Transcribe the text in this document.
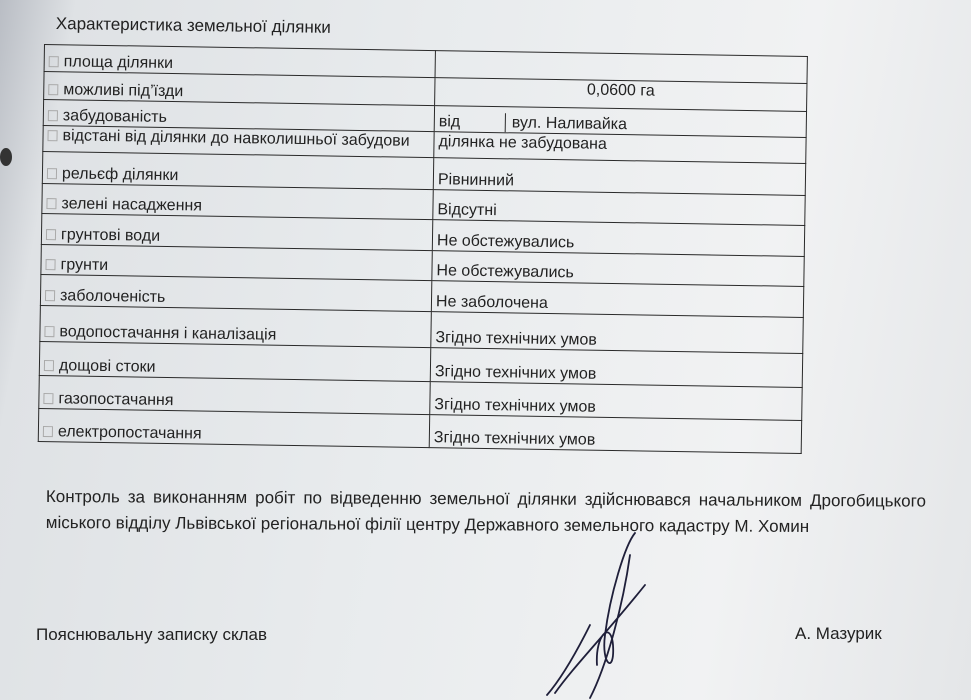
Характеристика земельної ділянки
площа ділянки	
можливі під’їзди	0,0600 га
забудованість	від вул. Наливайка

відстані від ділянки до навколишньої забудови	ділянка не забудована
рельєф ділянки	Рівнинний
зелені насадження	Відсутні
грунтові води	Не обстежувались
грунти	Не обстежувались
заболоченість	Не заболочена
водопостачання і каналізація	Згідно технічних умов
дощові стоки	Згідно технічних умов
газопостачання	Згідно технічних умов
електропостачання	Згідно технічних умов
Контроль за виконанням робіт по відведенню земельної ділянки здійснювався начальником Дрогобицького міського відділу Львівської регіональної філії центру Державного земельного кадастру М. Хомин
Пояснювальну записку склав	А. Мазурик
